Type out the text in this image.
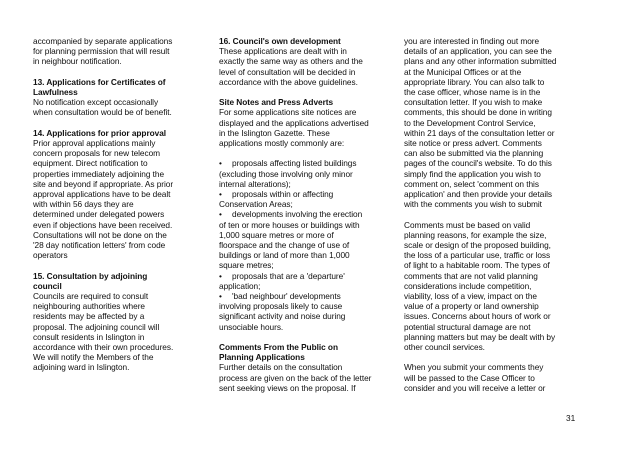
accompanied by separate applications
for planning permission that will result
in neighbour notification.
13. Applications for Certificates of
Lawfulness
No notification except occasionally
when consultation would be of benefit.
14. Applications for prior approval
Prior approval applications mainly
concern proposals for new telecom
equipment. Direct notification to
properties immediately adjoining the
site and beyond if appropriate. As prior
approval applications have to be dealt
with within 56 days they are
determined under delegated powers
even if objections have been received.
Consultations will not be done on the
'28 day notification letters' from code
operators
15. Consultation by adjoining
council
Councils are required to consult
neighbouring authorities where
residents may be affected by a
proposal. The adjoining council will
consult residents in Islington in
accordance with their own procedures.
We will notify the Members of the
adjoining ward in Islington.
16. Council's own development
These applications are dealt with in
exactly the same way as others and the
level of consultation will be decided in
accordance with the above guidelines.
Site Notes and Press Adverts
For some applications site notices are
displayed and the applications advertised
in the Islington Gazette. These
applications mostly commonly are:
• proposals affecting listed buildings
(excluding those involving only minor
internal alterations);
• proposals within or affecting
Conservation Areas;
• developments involving the erection
of ten or more houses or buildings with
1,000 square metres or more of
floorspace and the change of use of
buildings or land of more than 1,000
square metres;
• proposals that are a 'departure'
application;
• 'bad neighbour' developments
involving proposals likely to cause
significant activity and noise during
unsociable hours.
Comments From the Public on
Planning Applications
Further details on the consultation
process are given on the back of the letter
sent seeking views on the proposal. If
you are interested in finding out more
details of an application, you can see the
plans and any other information submitted
at the Municipal Offices or at the
appropriate library. You can also talk to
the case officer, whose name is in the
consultation letter. If you wish to make
comments, this should be done in writing
to the Development Control Service,
within 21 days of the consultation letter or
site notice or press advert. Comments
can also be submitted via the planning
pages of the council's website. To do this
simply find the application you wish to
comment on, select 'comment on this
application' and then provide your details
with the comments you wish to submit
Comments must be based on valid
planning reasons, for example the size,
scale or design of the proposed building,
the loss of a particular use, traffic or loss
of light to a habitable room. The types of
comments that are not valid planning
considerations include competition,
viability, loss of a view, impact on the
value of a property or land ownership
issues. Concerns about hours of work or
potential structural damage are not
planning matters but may be dealt with by
other council services.
When you submit your comments they
will be passed to the Case Officer to
consider and you will receive a letter or
31
